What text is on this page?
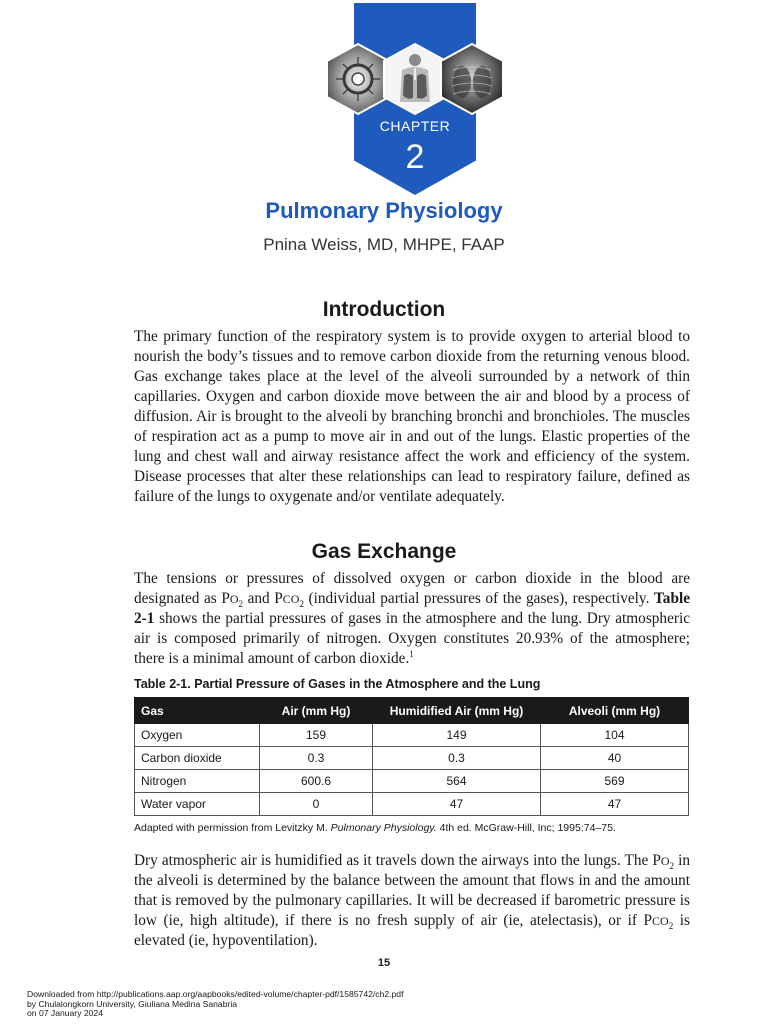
CHAPTER
2
Pulmonary Physiology
Pnina Weiss, MD, MHPE, FAAP
Introduction

The primary function of the respiratory system is to provide oxygen to arterial blood to nourish the body’s tissues and to remove carbon dioxide from the returning venous blood. Gas exchange takes place at the level of the alveoli surrounded by a network of thin capillaries. Oxygen and carbon dioxide move between the air and blood by a process of diffusion. Air is brought to the alveoli by branching bronchi and bronchioles. The muscles of respiration act as a pump to move air in and out of the lungs. Elastic properties of the lung and chest wall and airway resistance affect the work and efficiency of the system. Disease processes that alter these relationships can lead to respiratory failure, defined as failure of the lungs to oxygenate and/or ventilate adequately.

Gas Exchange

The tensions or pressures of dissolved oxygen or carbon dioxide in the blood are designated as $PO_2$ and $PCO_2$ (individual partial pressures of the gases), respectively. Table 2-1 shows the partial pressures of gases in the atmosphere and the lung. Dry atmospheric air is composed primarily of nitrogen. Oxygen constitutes 20.93% of the atmosphere; there is a minimal amount of carbon dioxide.$^1$

Table 2-1. Partial Pressure of Gases in the Atmosphere and the Lung

Gas	Air (mm Hg)	Humidified Air (mm Hg)	Alveoli (mm Hg)
Oxygen	159	149	104
Carbon dioxide	0.3	0.3	40
Nitrogen	600.6	564	569
Water vapor	0	47	47
Adapted with permission from Levitzky M. Pulmonary Physiology. 4th ed. McGraw-Hill, Inc; 1995:74–75.

Dry atmospheric air is humidified as it travels down the airways into the lungs. The $PO_2$ in the alveoli is determined by the balance between the amount that flows in and the amount that is removed by the pulmonary capillaries. It will be decreased if barometric pressure is low (ie, high altitude), if there is no fresh supply of air (ie, atelectasis), or if $PCO_2$ is elevated (ie, hypoventilation).

15
Downloaded from http://publications.aap.org/aapbooks/edited-volume/chapter-pdf/1585742/ch2.pdf
by Chulalongkorn University, Giuliana Medina Sanabria
on 07 January 2024
